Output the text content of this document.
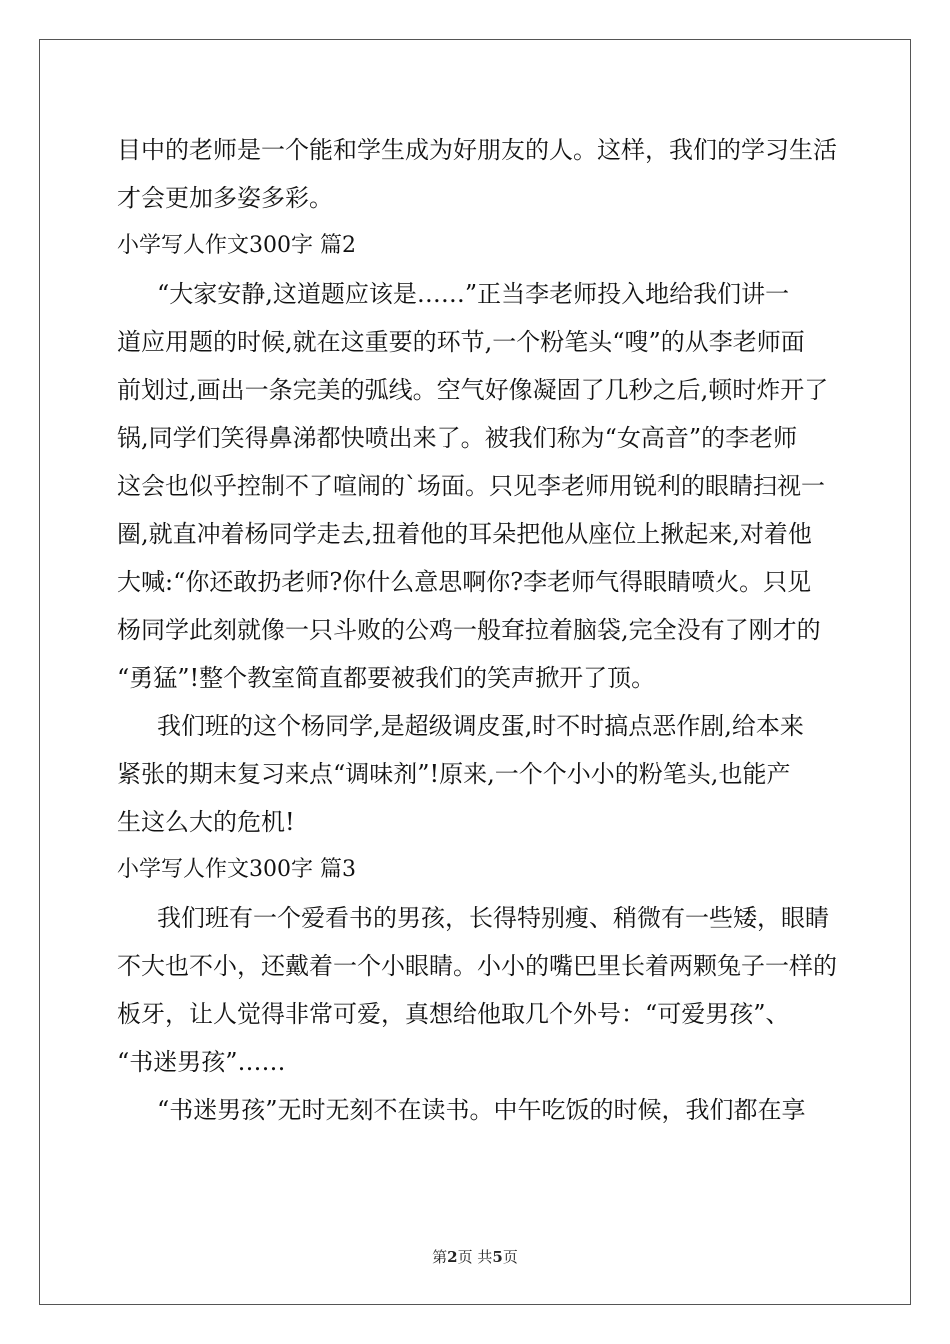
目中的老师是一个能和学生成为好朋友的人。这样，我们的学习生活
才会更加多姿多彩。
小学写人作文300字 篇2
“大家安静,这道题应该是……”正当李老师投入地给我们讲一
道应用题的时候,就在这重要的环节,一个粉笔头“嗖”的从李老师面
前划过,画出一条完美的弧线。空气好像凝固了几秒之后,顿时炸开了
锅,同学们笑得鼻涕都快喷出来了。被我们称为“女高音”的李老师
这会也似乎控制不了喧闹的`场面。只见李老师用锐利的眼睛扫视一
圈,就直冲着杨同学走去,扭着他的耳朵把他从座位上揪起来,对着他
大喊:“你还敢扔老师?你什么意思啊你?李老师气得眼睛喷火。只见
杨同学此刻就像一只斗败的公鸡一般耷拉着脑袋,完全没有了刚才的
“勇猛”!整个教室简直都要被我们的笑声掀开了顶。
我们班的这个杨同学,是超级调皮蛋,时不时搞点恶作剧,给本来
紧张的期末复习来点“调味剂”!原来,一个个小小的粉笔头,也能产
生这么大的危机!
小学写人作文300字 篇3
我们班有一个爱看书的男孩，长得特别瘦、稍微有一些矮，眼睛
不大也不小，还戴着一个小眼睛。小小的嘴巴里长着两颗兔子一样的
板牙，让人觉得非常可爱，真想给他取几个外号：“可爱男孩”、
“书迷男孩”……
“书迷男孩”无时无刻不在读书。中午吃饭的时候，我们都在享
第2页 共5页
